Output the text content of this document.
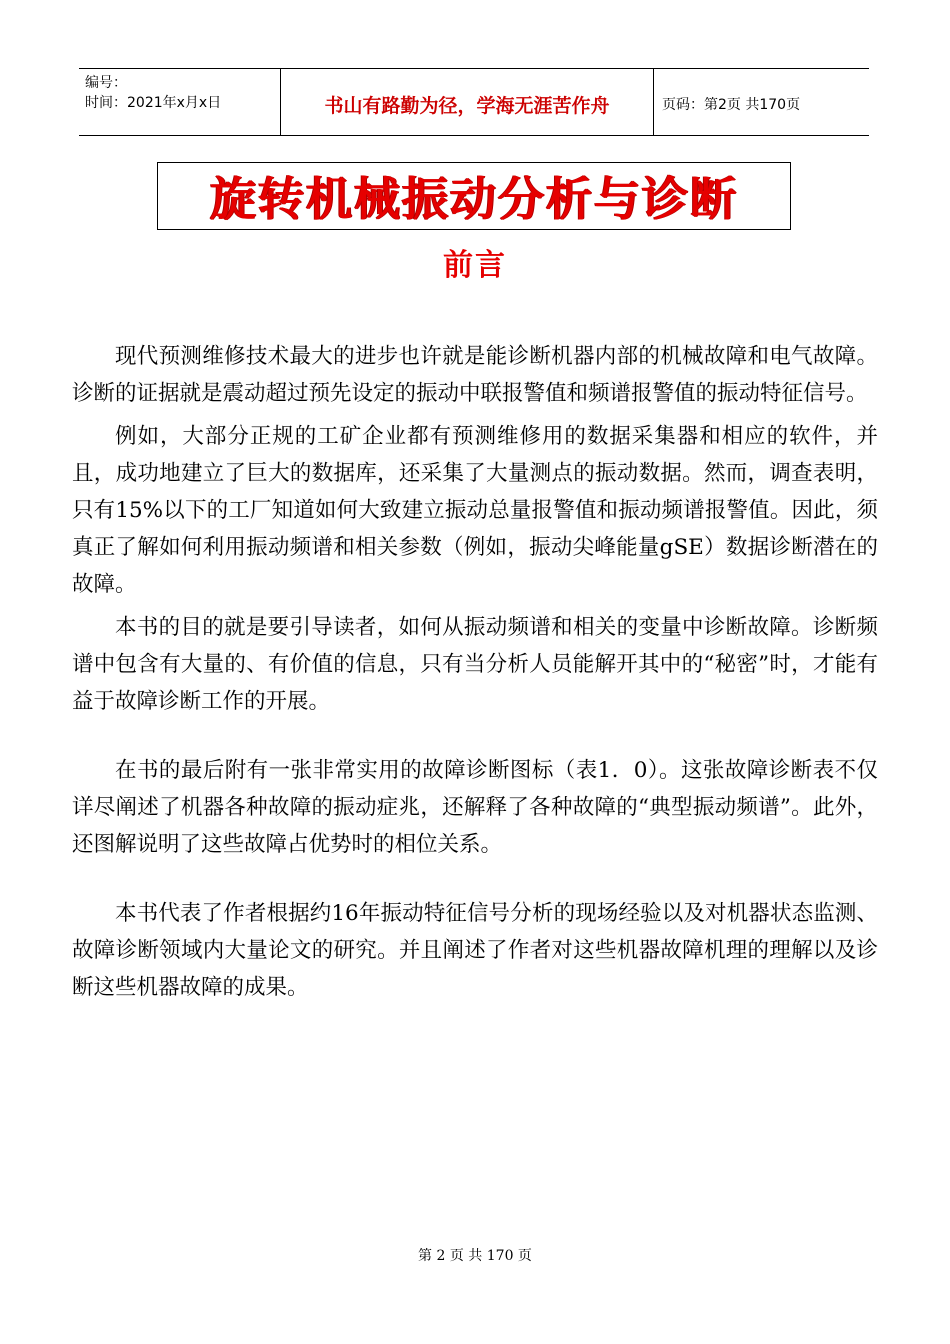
编号：
时间：2021年x月x日	书山有路勤为径，学海无涯苦作舟	页码：第2页 共170页
旋转机械振动分析与诊断
前言

现代预测维修技术最大的进步也许就是能诊断机器内部的机械故障和电气故障。诊断的证据就是震动超过预先设定的振动中联报警值和频谱报警值的振动特征信号。

例如，大部分正规的工矿企业都有预测维修用的数据采集器和相应的软件，并且，成功地建立了巨大的数据库，还采集了大量测点的振动数据。然而，调查表明，只有15%以下的工厂知道如何大致建立振动总量报警值和振动频谱报警值。因此，须真正了解如何利用振动频谱和相关参数（例如，振动尖峰能量gSE）数据诊断潜在的故障。

本书的目的就是要引导读者，如何从振动频谱和相关的变量中诊断故障。诊断频谱中包含有大量的、有价值的信息，只有当分析人员能解开其中的“秘密”时，才能有益于故障诊断工作的开展。

在书的最后附有一张非常实用的故障诊断图标（表1．0）。这张故障诊断表不仅详尽阐述了机器各种故障的振动症兆，还解释了各种故障的“典型振动频谱”。此外，还图解说明了这些故障占优势时的相位关系。

本书代表了作者根据约16年振动特征信号分析的现场经验以及对机器状态监测、故障诊断领域内大量论文的研究。并且阐述了作者对这些机器故障机理的理解以及诊断这些机器故障的成果。

第 2 页 共 170 页
